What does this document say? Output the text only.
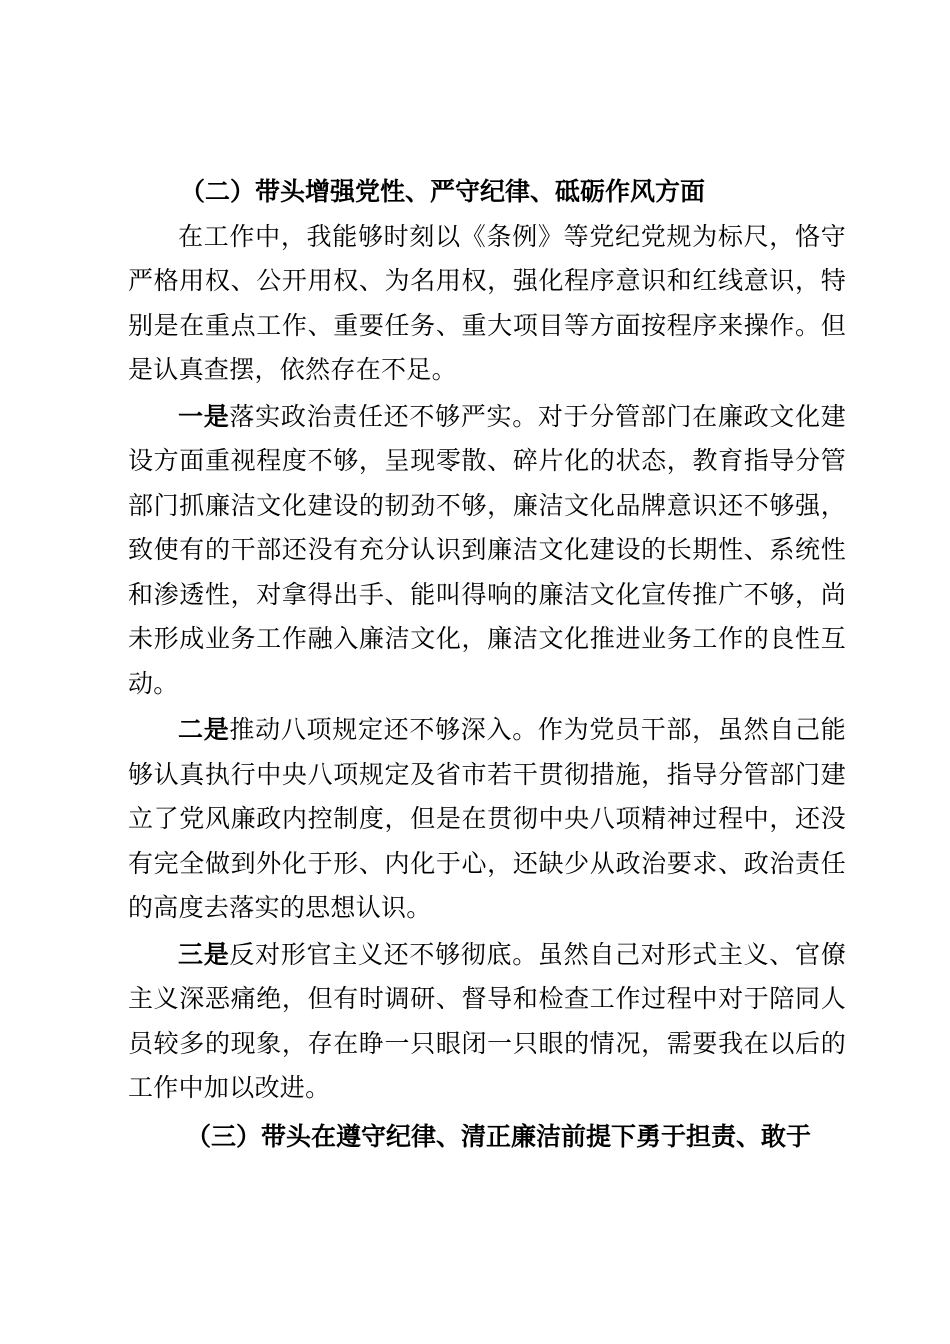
（二）带头增强党性、严守纪律、砥砺作风方面

在工作中，我能够时刻以《条例》等党纪党规为标尺，恪守严格用权、公开用权、为名用权，强化程序意识和红线意识，特别是在重点工作、重要任务、重大项目等方面按程序来操作。但是认真查摆，依然存在不足。

一是落实政治责任还不够严实。对于分管部门在廉政文化建设方面重视程度不够，呈现零散、碎片化的状态，教育指导分管部门抓廉洁文化建设的韧劲不够，廉洁文化品牌意识还不够强，致使有的干部还没有充分认识到廉洁文化建设的长期性、系统性和渗透性，对拿得出手、能叫得响的廉洁文化宣传推广不够，尚未形成业务工作融入廉洁文化，廉洁文化推进业务工作的良性互动。

二是推动八项规定还不够深入。作为党员干部，虽然自己能够认真执行中央八项规定及省市若干贯彻措施，指导分管部门建立了党风廉政内控制度，但是在贯彻中央八项精神过程中，还没有完全做到外化于形、内化于心，还缺少从政治要求、政治责任的高度去落实的思想认识。

三是反对形官主义还不够彻底。虽然自己对形式主义、官僚主义深恶痛绝，但有时调研、督导和检查工作过程中对于陪同人员较多的现象，存在睁一只眼闭一只眼的情况，需要我在以后的工作中加以改进。

（三）带头在遵守纪律、清正廉洁前提下勇于担责、敢于
